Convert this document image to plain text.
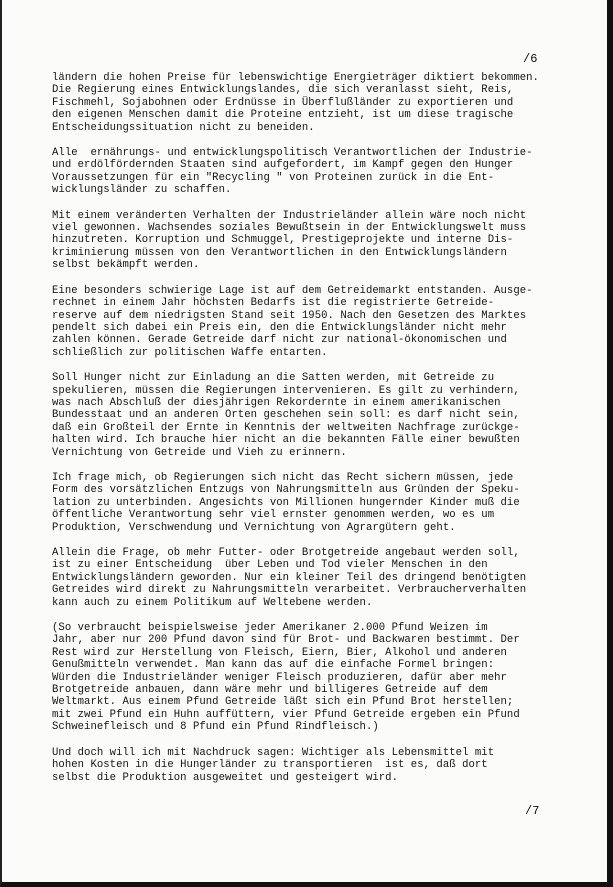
/6
ländern die hohen Preise für lebenswichtige Energieträger diktiert bekommen.
Die Regierung eines Entwicklungslandes, die sich veranlasst sieht, Reis,
Fischmehl, Sojabohnen oder Erdnüsse in Überflußländer zu exportieren und
den eigenen Menschen damit die Proteine entzieht, ist um diese tragische
Entscheidungssituation nicht zu beneiden.
Alle  ernährungs- und entwicklungspolitisch Verantwortlichen der Industrie-
und erdölfördernden Staaten sind aufgefordert, im Kampf gegen den Hunger
Voraussetzungen für ein "Recycling " von Proteinen zurück in die Ent-
wicklungsländer zu schaffen.
Mit einem veränderten Verhalten der Industrieländer allein wäre noch nicht
viel gewonnen. Wachsendes soziales Bewußtsein in der Entwicklungswelt muss
hinzutreten. Korruption und Schmuggel, Prestigeprojekte und interne Dis-
kriminierung müssen von den Verantwortlichen in den Entwicklungsländern
selbst bekämpft werden.
Eine besonders schwierige Lage ist auf dem Getreidemarkt entstanden. Ausge-
rechnet in einem Jahr höchsten Bedarfs ist die registrierte Getreide-
reserve auf dem niedrigsten Stand seit 1950. Nach den Gesetzen des Marktes
pendelt sich dabei ein Preis ein, den die Entwicklungsländer nicht mehr
zahlen können. Gerade Getreide darf nicht zur national-ökonomischen und
schließlich zur politischen Waffe entarten.
Soll Hunger nicht zur Einladung an die Satten werden, mit Getreide zu
spekulieren, müssen die Regierungen intervenieren. Es gilt zu verhindern,
was nach Abschluß der diesjährigen Rekordernte in einem amerikanischen
Bundesstaat und an anderen Orten geschehen sein soll: es darf nicht sein,
daß ein Großteil der Ernte in Kenntnis der weltweiten Nachfrage zurückge-
halten wird. Ich brauche hier nicht an die bekannten Fälle einer bewußten
Vernichtung von Getreide und Vieh zu erinnern.
Ich frage mich, ob Regierungen sich nicht das Recht sichern müssen, jede
Form des vorsätzlichen Entzugs von Nahrungsmitteln aus Gründen der Speku-
lation zu unterbinden. Angesichts von Millionen hungernder Kinder muß die
öffentliche Verantwortung sehr viel ernster genommen werden, wo es um
Produktion, Verschwendung und Vernichtung von Agrargütern geht.
Allein die Frage, ob mehr Futter- oder Brotgetreide angebaut werden soll,
ist zu einer Entscheidung  über Leben und Tod vieler Menschen in den
Entwicklungsländern geworden. Nur ein kleiner Teil des dringend benötigten
Getreides wird direkt zu Nahrungsmitteln verarbeitet. Verbraucherverhalten
kann auch zu einem Politikum auf Weltebene werden.
(So verbraucht beispielsweise jeder Amerikaner 2.000 Pfund Weizen im
Jahr, aber nur 200 Pfund davon sind für Brot- und Backwaren bestimmt. Der
Rest wird zur Herstellung von Fleisch, Eiern, Bier, Alkohol und anderen
Genußmitteln verwendet. Man kann das auf die einfache Formel bringen:
Würden die Industrieländer weniger Fleisch produzieren, dafür aber mehr
Brotgetreide anbauen, dann wäre mehr und billigeres Getreide auf dem
Weltmarkt. Aus einem Pfund Getreide läßt sich ein Pfund Brot herstellen;
mit zwei Pfund ein Huhn auffüttern, vier Pfund Getreide ergeben ein Pfund
Schweinefleisch und 8 Pfund ein Pfund Rindfleisch.)
Und doch will ich mit Nachdruck sagen: Wichtiger als Lebensmittel mit
hohen Kosten in die Hungerländer zu transportieren  ist es, daß dort
selbst die Produktion ausgeweitet und gesteigert wird.
/7
